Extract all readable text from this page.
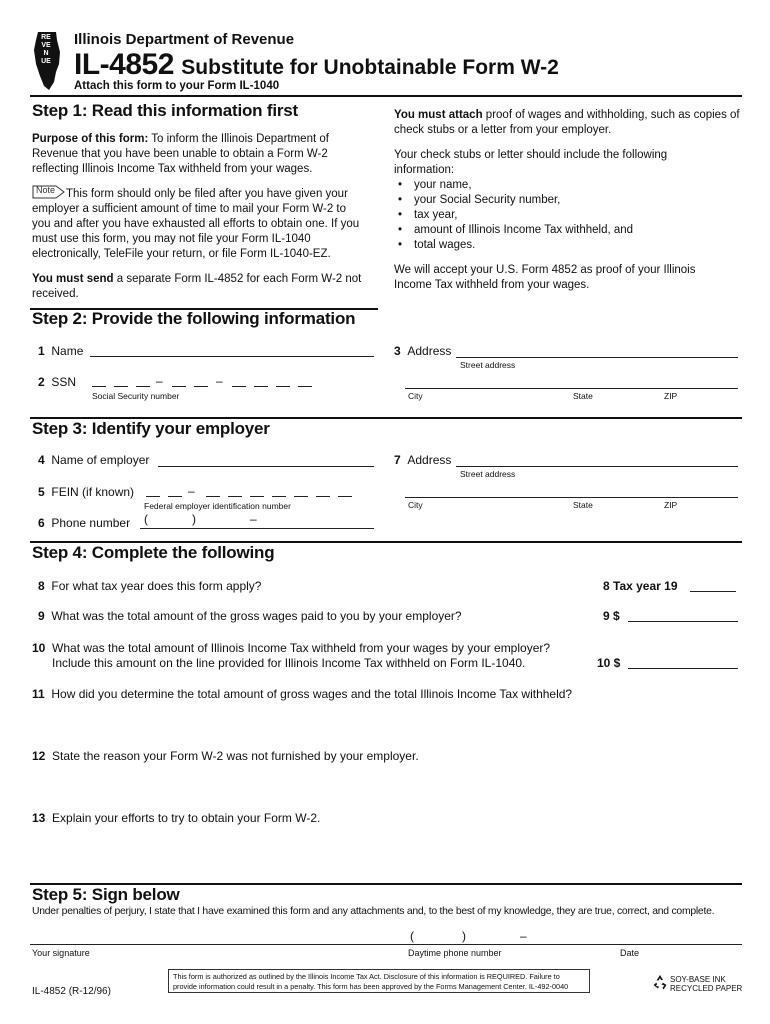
REVENUE
Illinois Department of Revenue
IL-4852 Substitute for Unobtainable Form W-2
Attach this form to your Form IL-1040
Step 1: Read this information first
Purpose of this form: To inform the Illinois Department of Revenue that you have been unable to obtain a Form W-2 reflecting Illinois Income Tax withheld from your wages.
Note This form should only be filed after you have given your employer a sufficient amount of time to mail your Form W-2 to you and after you have exhausted all efforts to obtain one. If you must use this form, you may not file your Form IL-1040 electronically, TeleFile your return, or file Form IL-1040-EZ.
You must send a separate Form IL-4852 for each Form W-2 not received.
You must attach proof of wages and withholding, such as copies of check stubs or a letter from your employer.
Your check stubs or letter should include the following information:
• your name,
• your Social Security number,
• tax year,
• amount of Illinois Income Tax withheld, and
• total wages.
We will accept your U.S. Form 4852 as proof of your Illinois Income Tax withheld from your wages.
Step 2: Provide the following information
1 Name
2 SSN	–	–
Social Security number
3 Address
Street address
City	State	ZIP
Step 3: Identify your employer
4 Name of employer
5 FEIN (if known)	–
Federal employer identification number
6 Phone number (	)	–
7 Address
Street address
City	State	ZIP
Step 4: Complete the following
8 For what tax year does this form apply?	8 Tax year 19
9 What was the total amount of the gross wages paid to you by your employer?	9 $
10 What was the total amount of Illinois Income Tax withheld from your wages by your employer?
Include this amount on the line provided for Illinois Income Tax withheld on Form IL-1040.	10 $
11 How did you determine the total amount of gross wages and the total Illinois Income Tax withheld?
12 State the reason your Form W-2 was not furnished by your employer.
13 Explain your efforts to try to obtain your Form W-2.
Step 5: Sign below
Under penalties of perjury, I state that I have examined this form and any attachments and, to the best of my knowledge, they are true, correct, and complete.
(	)	–
Your signature	Daytime phone number	Date
IL-4852 (R-12/96)
This form is authorized as outlined by the Illinois Income Tax Act. Disclosure of this information is REQUIRED. Failure to provide information could result in a penalty. This form has been approved by the Forms Management Center. IL-492-0040
SOY-BASE INK
RECYCLED PAPER
